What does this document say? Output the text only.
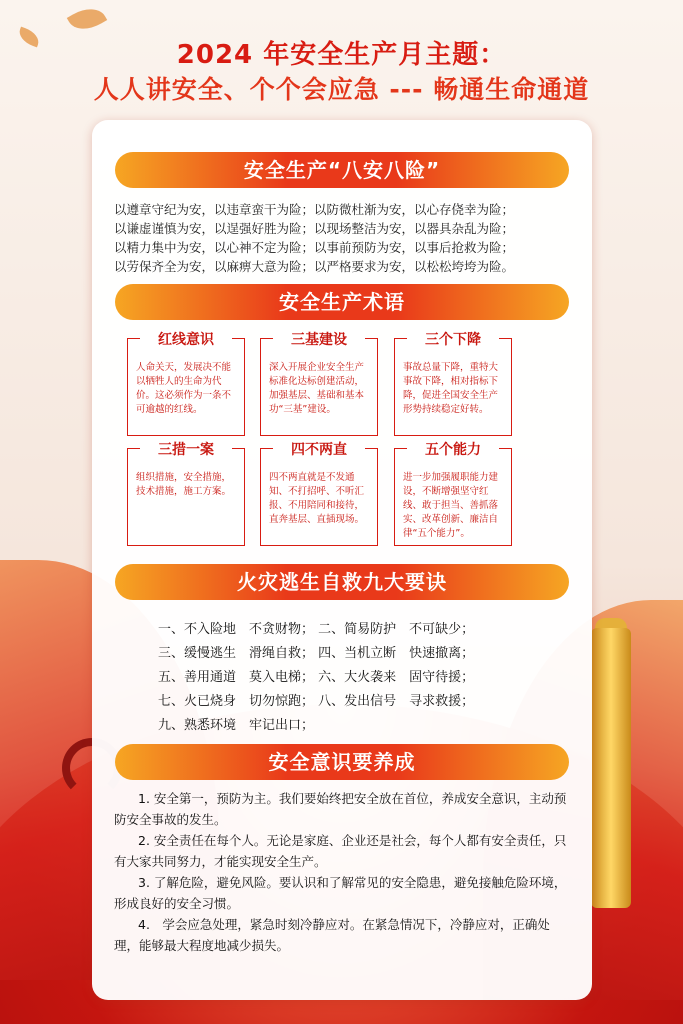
2024 年安全生产月主题：
人人讲安全、个个会应急 --- 畅通生命通道
安全生产“八安八险”
以遵章守纪为安，以违章蛮干为险；以防微杜渐为安，以心存侥幸为险；
以谦虚谨慎为安，以逞强好胜为险；以现场整洁为安，以器具杂乱为险；
以精力集中为安，以心神不定为险；以事前预防为安，以事后抢救为险；
以劳保齐全为安，以麻痹大意为险；以严格要求为安，以松松垮垮为险。
安全生产术语
红线意识
人命关天，发展决不能以牺牲人的生命为代价。这必须作为一条不可逾越的红线。
三基建设
深入开展企业安全生产标准化达标创建活动，加强基层、基础和基本功“三基”建设。
三个下降
事故总量下降，重特大事故下降，相对指标下降，促进全国安全生产形势持续稳定好转。
三措一案
组织措施，安全措施，技术措施，施工方案。
四不两直
四不两直就是不发通知、不打招呼、不听汇报、不用陪同和接待，直奔基层、直插现场。
五个能力
进一步加强履职能力建设，不断增强坚守红线、敢于担当、善抓落实、改革创新、廉洁自律“五个能力”。
火灾逃生自救九大要诀
一、不入险地　不贪财物； 二、简易防护　不可缺少；
三、缓慢逃生　滑绳自救； 四、当机立断　快速撤离；
五、善用通道　莫入电梯； 六、大火袭来　固守待援；
七、火已烧身　切勿惊跑； 八、发出信号　寻求救援；
九、熟悉环境　牢记出口；
安全意识要养成

1. 安全第一，预防为主。我们要始终把安全放在首位，养成安全意识，主动预防安全事故的发生。

2. 安全责任在每个人。无论是家庭、企业还是社会，每个人都有安全责任，只有大家共同努力，才能实现安全生产。

3. 了解危险，避免风险。要认识和了解常见的安全隐患，避免接触危险环境，形成良好的安全习惯。

4.　学会应急处理，紧急时刻冷静应对。在紧急情况下，冷静应对，正确处理，能够最大程度地减少损失。
